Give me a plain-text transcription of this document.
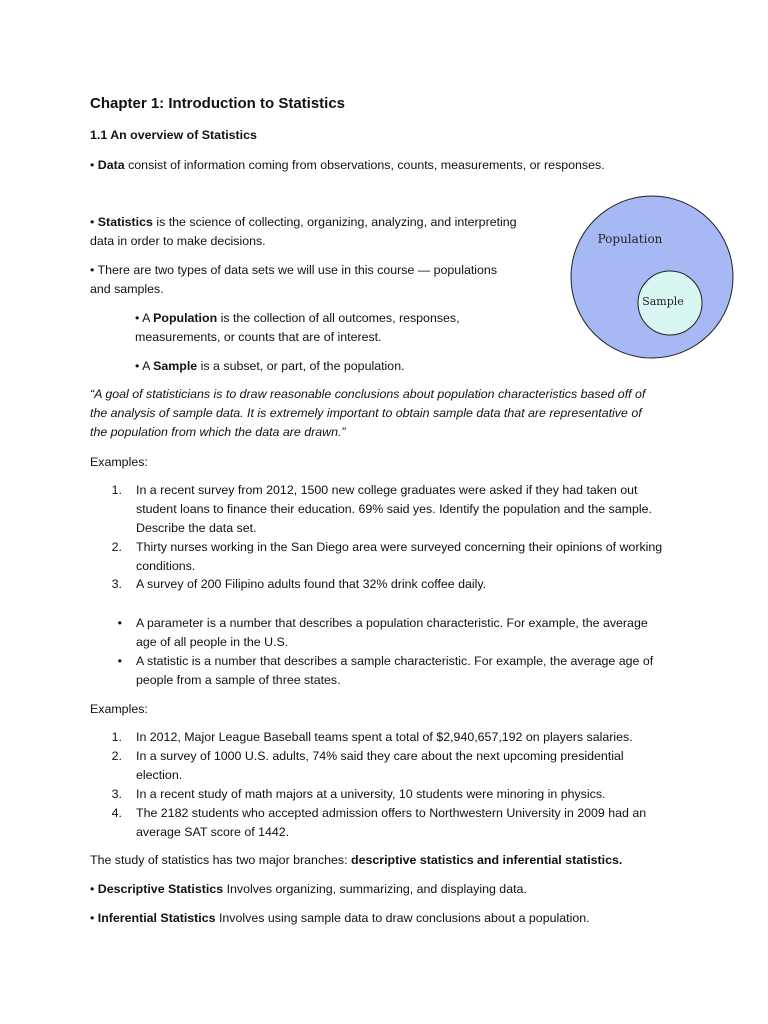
Chapter 1: Introduction to Statistics
1.1 An overview of Statistics
• Data consist of information coming from observations, counts, measurements, or responses.
• Statistics is the science of collecting, organizing, analyzing, and interpreting
data in order to make decisions.
• There are two types of data sets we will use in this course — populations
and samples.
• A Population is the collection of all outcomes, responses,
measurements, or counts that are of interest.
• A Sample is a subset, or part, of the population.
Population
Sample
“A goal of statisticians is to draw reasonable conclusions about population characteristics based off of
the analysis of sample data. It is extremely important to obtain sample data that are representative of
the population from which the data are drawn.”
Examples:
1. In a recent survey from 2012, 1500 new college graduates were asked if they had taken out
student loans to finance their education. 69% said yes. Identify the population and the sample.
Describe the data set.
2. Thirty nurses working in the San Diego area were surveyed concerning their opinions of working
conditions.
3. A survey of 200 Filipino adults found that 32% drink coffee daily.
• A parameter is a number that describes a population characteristic. For example, the average
age of all people in the U.S.
• A statistic is a number that describes a sample characteristic. For example, the average age of
people from a sample of three states.
Examples:
1. In 2012, Major League Baseball teams spent a total of $2,940,657,192 on players salaries.
2. In a survey of 1000 U.S. adults, 74% said they care about the next upcoming presidential
election.
3. In a recent study of math majors at a university, 10 students were minoring in physics.
4. The 2182 students who accepted admission offers to Northwestern University in 2009 had an
average SAT score of 1442.
The study of statistics has two major branches: descriptive statistics and inferential statistics.
• Descriptive Statistics Involves organizing, summarizing, and displaying data.
• Inferential Statistics Involves using sample data to draw conclusions about a population.
